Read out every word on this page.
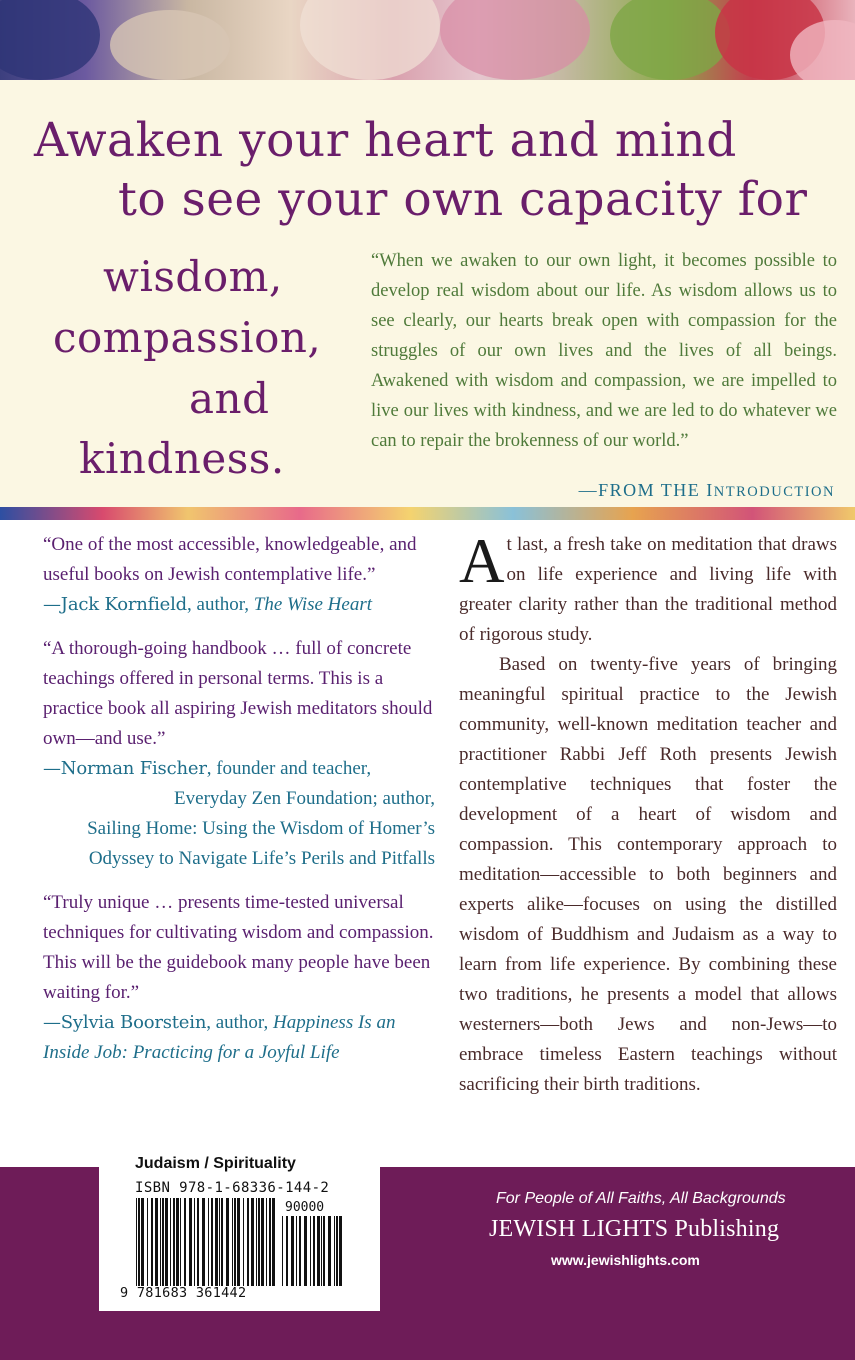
Awaken your heart and mind
to see your own capacity for
wisdom,
compassion,
and
kindness.
“When we awaken to our own light, it becomes possible to develop real wisdom about our life. As wisdom allows us to see clearly, our hearts break open with compassion for the struggles of our own lives and the lives of all beings. Awakened with wisdom and compassion, we are impelled to live our lives with kindness, and we are led to do whatever we can to repair the brokenness of our world.”
—FROM THE INTRODUCTION
“One of the most accessible, knowledgeable, and useful books on Jewish contemplative life.”
—Jack Kornfield, author, The Wise Heart
“A thorough-going handbook … full of concrete teachings offered in personal terms. This is a practice book all aspiring Jewish meditators should own—and use.”
—Norman Fischer, founder and teacher,
Everyday Zen Foundation; author,
Sailing Home: Using the Wisdom of Homer’s Odyssey to Navigate Life’s Perils and Pitfalls
“Truly unique … presents time-tested universal techniques for cultivating wisdom and compassion. This will be the guidebook many people have been waiting for.”
—Sylvia Boorstein, author, Happiness Is an Inside Job: Practicing for a Joyful Life

At last, a fresh take on meditation that draws on life experience and living life with greater clarity rather than the traditional method of rigorous study.

Based on twenty-five years of bringing meaningful spiritual practice to the Jewish community, well-known meditation teacher and practitioner Rabbi Jeff Roth presents Jewish contemplative techniques that foster the development of a heart of wisdom and compassion. This contemporary approach to meditation—accessible to both beginners and experts alike—focuses on using the distilled wisdom of Buddhism and Judaism as a way to learn from life experience. By combining these two traditions, he presents a model that allows westerners—both Jews and non-Jews—to embrace timeless Eastern teachings without sacrificing their birth traditions.

Judaism / Spirituality
ISBN 978-1-68336-144-2
90000
9 781683 361442
For People of All Faiths, All Backgrounds
JEWISH LIGHTS Publishing
www.jewishlights.com
